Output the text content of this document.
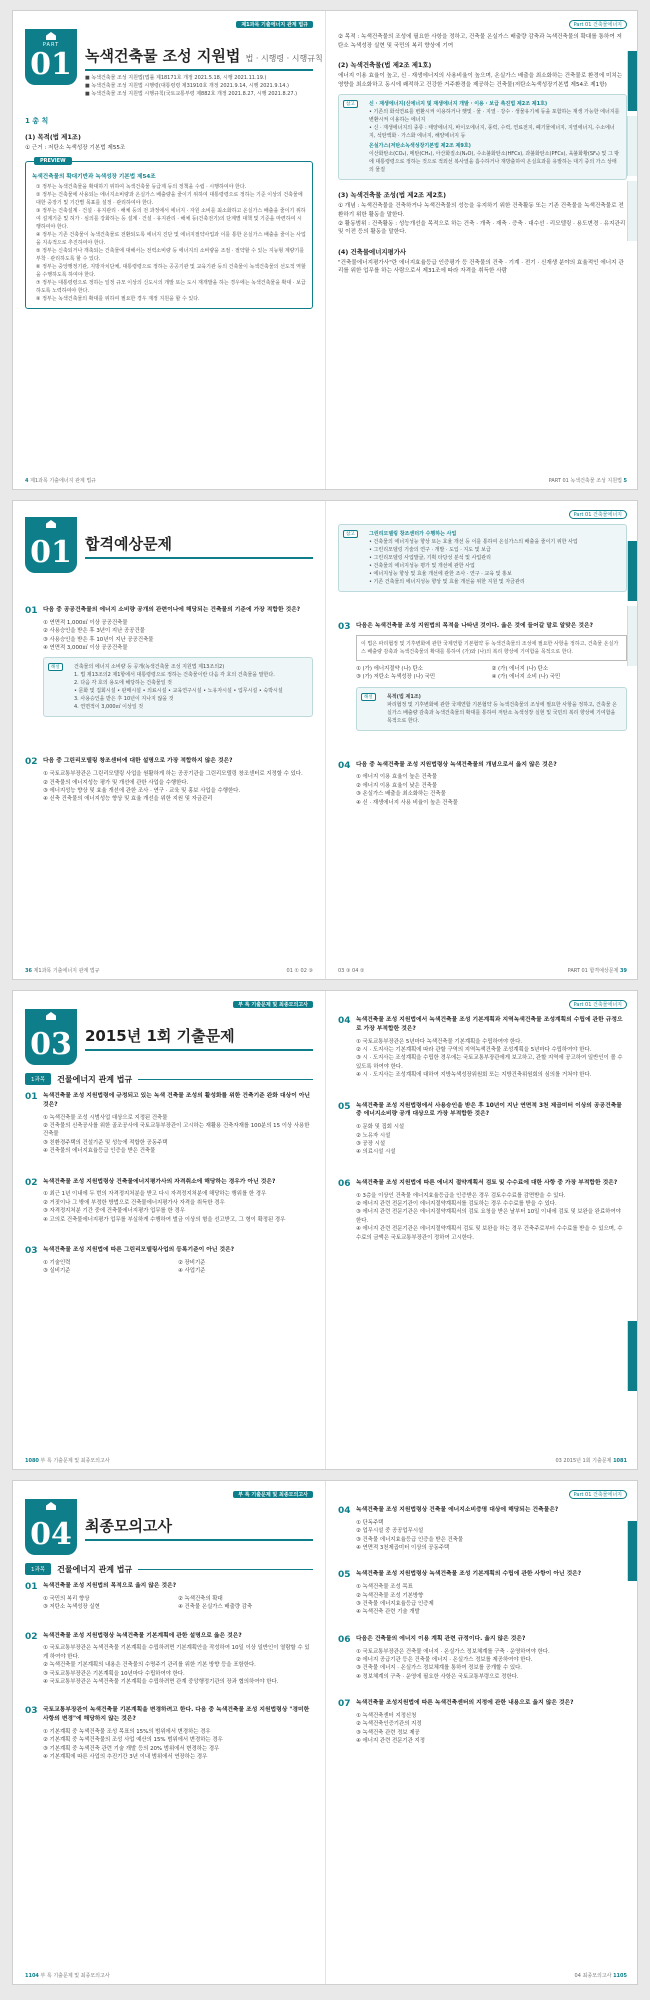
제1과목 기출에너지 관계 법규
PART
01 녹색건축물 조성 지원법 법 · 시행령 · 시행규칙
■ 녹색건축물 조성 지원법(법률 제18171호 개정 2021.5.18, 시행 2021.11.19.)
■ 녹색건축물 조성 지원법 시행령(대통령령 제31910호 개정 2021.9.14, 시행 2021.9.14.)
■ 녹색건축물 조성 지원법 시행규칙(국토교통부령 제882호 개정 2021.8.27, 시행 2021.8.27.)
1 총 칙
(1) 목적(법 제1조)
① 근거 : 저탄소 녹색성장 기본법 제55조
PREVIEW
녹색건축물의 확대기반과 녹색성장 기본법 제54조
① 정부는 녹색건축물을 확대하기 위하여 녹색건축물 등급제 등의 정책을 수립 · 시행하여야 한다.
② 정부는 건축물에 사용되는 에너지소비량과 온실가스 배출량을 줄이기 위하여 대통령령으로 정하는 기준 이상의 건축물에 대한 중장기 및 기간별 목표를 설정 · 관리하여야 한다.
③ 정부는 건축설계 · 건설 · 유지관리 · 해체 등의 전 과정에서 에너지 · 자원 소비를 최소화하고 온실가스 배출을 줄이기 위하여 설계기준 및 허가 · 심의를 강화하는 등 설계 · 건설 · 유지관리 · 해체 등(건축전기)의 단계별 대책 및 기준을 마련하여 시행하여야 한다.
④ 정부는 기존 건축물이 녹색건축물로 전환되도록 에너지 진단 및 에너지절약사업과 이를 통한 온실가스 배출을 줄이는 사업을 지속적으로 추진하여야 한다.
⑤ 정부는 신축되거나 개축되는 건축물에 대해서는 전력소비량 등 에너지의 소비량을 조절 · 절약할 수 있는 지능형 계량기를 부착 · 관리하도록 할 수 있다.
⑥ 정부는 중앙행정기관, 지방자치단체, 대통령령으로 정하는 공공기관 및 교육기관 등의 건축물이 녹색건축물의 선도적 역할을 수행하도록 하여야 한다.
⑦ 정부는 대통령령으로 정하는 일정 규모 이상의 신도시의 개발 또는 도시 재개발을 하는 경우에는 녹색건축물을 확대 · 보급하도록 노력하여야 한다.
⑧ 정부는 녹색건축물의 확대를 위하여 필요한 경우 재정 지원을 할 수 있다.
4 제1과목 기출에너지 관계 법규
Part 01 건축물에너지
② 목적 : 녹색건축물의 조성에 필요한 사항을 정하고, 건축물 온실가스 배출량 감축과 녹색건축물의 확대를 통하여 저탄소 녹색성장 실현 및 국민의 복리 향상에 기여
(2) 녹색건축물(법 제2조 제1호)
에너지 이용 효율이 높고, 신 · 재생에너지의 사용비율이 높으며, 온실가스 배출을 최소화하는 건축물로 환경에 미치는 영향을 최소화하고 동시에 쾌적하고 건강한 거주환경을 제공하는 건축물(저탄소녹색성장기본법 제54조 제1항)
참고	신 · 재생에너지(신에너지 및 재생에너지 개발 · 이용 · 보급 촉진법 제2조 제1호)
• 기존의 화석연료를 변환시켜 이용하거나 햇빛 · 물 · 지열 · 강수 · 생물유기체 등을 포함하는 재생 가능한 에너지를 변환시켜 이용하는 에너지
• 신 · 재생에너지의 종류 : 태양에너지, 바이오에너지, 풍력, 수력, 연료전지, 폐기물에너지, 지열에너지, 수소에너지, 석탄액화 · 가스화 에너지, 해양에너지 등
온실가스(저탄소녹색성장기본법 제2조 제9호)
이산화탄소(CO₂), 메탄(CH₄), 아산화질소(N₂O), 수소불화탄소(HFCs), 과불화탄소(PFCs), 육불화황(SF₆) 및 그 밖에 대통령령으로 정하는 것으로 적외선 복사열을 흡수하거나 재방출하여 온실효과를 유발하는 대기 중의 가스 상태의 물질
(3) 녹색건축물 조성(법 제2조 제2호)
① 개념 : 녹색건축물을 건축하거나 녹색건축물의 성능을 유지하기 위한 건축활동 또는 기존 건축물을 녹색건축물로 전환하기 위한 활동을 말한다.
② 활동범위 : 건축활동 : 성능개선을 목적으로 하는 건축 · 개축 · 재축 · 증축 · 대수선 · 리모델링 · 용도변경 · 유지관리 및 이전 등의 활동을 말한다.
(4) 건축물에너지평가사
"건축물에너지평가사"란 에너지효율등급 인증평가 등 건축물의 건축 · 기계 · 전기 · 신재생 분야의 효율적인 에너지 관리를 위한 업무를 하는 사람으로서 제31조에 따라 자격을 취득한 사람
PART 01 녹색건축물 조성 지원법 5
01 합격예상문제
01 다음 중 공공건축물의 에너지 소비량 공개의 관련이나에 해당되는 건축물의 기준에 가장 적합한 것은?
① 연면적 1,000㎡ 이상 공공건축물
② 사용승인을 받은 후 3년이 지난 공공건물
③ 사용승인을 받은 후 10년이 지난 공공건축물
④ 연면적 3,000㎡ 이상 공공건축물
해설	건축물의 에너지 소비량 등 공개(녹색건축물 조성 지원법 제13조의2)
1. 법 제13조의2 제1항에서 대통령령으로 정하는 건축물이란 다음 각 호의 건축물을 말한다.
2. 다음 각 호의 용도에 해당하는 건축물일 것
• 문화 및 집회시설 • 판매시설 • 의료시설 • 교육연구시설 • 노유자시설 • 업무시설 • 숙박시설
3. 사용승인을 받은 후 10년이 지나지 않을 것
4. 연면적이 3,000㎡ 이상일 것
02 다음 중 그린리모델링 창조센터에 대한 설명으로 가장 적합하지 않은 것은?
① 국토교통부장관은 그린리모델링 사업을 원활하게 하는 공공기관을 그린리모델링 창조센터로 지정할 수 있다.
② 건축물의 에너지성능 평가 및 개선에 관한 사업을 수행한다.
③ 에너지성능 향상 및 효율 개선에 관한 조사 · 연구 · 교육 및 홍보 사업을 수행한다.
④ 신축 건축물의 에너지성능 향상 및 효율 개선을 위한 지원 및 자금관리
36 제1과목 기출에너지 관계 법규	01 ① 02 ③
Part 01 건축물에너지
참고	그린리모델링 창조센터가 수행하는 사업
• 건축물의 에너지성능 향상 또는 효율 개선 등 이를 통하여 온실가스의 배출을 줄이기 위한 사업
• 그린리모델링 기술의 연구 · 개발 · 도입 · 지도 및 보급
• 그린리모델링 사업발굴, 기획 타당성 분석 및 사업관리
• 건축물의 에너지성능 평가 및 개선에 관한 사업
• 에너지성능 향상 및 효율 개선에 관한 조사 · 연구 · 교육 및 홍보
• 기존 건축물의 에너지성능 향상 및 효율 개선을 위한 지원 및 자금관리
03 다음은 녹색건축물 조성 지원법의 목적을 나타낸 것이다. 옳은 것에 들어갈 말로 알맞은 것은?
이 법은 파리협정 및 기후변화에 관한 국제연합 기본협약 등 녹색건축물의 조성에 필요한 사항을 정하고, 건축물 온실가스 배출량 감축과 녹색건축물의 확대를 통하여 (가)와 (나)의 복리 향상에 기여함을 목적으로 한다.
① (가) 에너지절약 (나) 탄소	② (가) 에너지 (나) 탄소
③ (가) 저탄소 녹색성장 (나) 국민	④ (가) 에너지 소비 (나) 국민
해설	목적(법 제1조)
파리협정 및 기후변화에 관한 국제연합 기본협약 등 녹색건축물의 조성에 필요한 사항을 정하고, 건축물 온실가스 배출량 감축과 녹색건축물의 확대를 통하여 저탄소 녹색성장 실현 및 국민의 복리 향상에 기여함을 목적으로 한다.
04 다음 중 녹색건축물 조성 지원법령상 녹색건축물의 개념으로서 옳지 않은 것은?
① 에너지 이용 효율이 높은 건축물
② 에너지 이용 효율이 낮은 건축물
③ 온실가스 배출을 최소화하는 건축물
④ 신 · 재생에너지 사용 비율이 높은 건축물
03 ③ 04 ②	PART 01 합격예상문제 39
부 록 기출문제 및 최종모의고사
03 2015년 1회 기출문제
1과목	건물에너지 관계 법규
01 녹색건축물 조성 지원법령에 규정되고 있는 녹색 건축물 조성의 활성화를 위한 건축기준 완화 대상이 아닌 것은?
① 녹색건축물 조성 시범사업 대상으로 지정된 건축물
② 건축물의 신축공사를 위한 골조공사에 국토교통부장관이 고시하는 재활용 건축자재를 100분의 15 이상 사용한 건축물
③ 친환경주택의 건설기준 및 성능에 적합한 공동주택
④ 건축물의 에너지효율등급 인증을 받은 건축물
02 녹색건축물 조성 지원법령상 건축물에너지평가사의 자격취소에 해당하는 경우가 아닌 것은?
① 최근 1년 이내에 두 번의 자격정지처분을 받고 다시 자격정지처분에 해당하는 행위를 한 경우
② 거짓이나 그 밖에 부정한 방법으로 건축물에너지평가사 자격을 취득한 경우
③ 자격정지처분 기간 중에 건축물에너지평가 업무를 한 경우
④ 고의로 건축물에너지평가 업무를 부실하게 수행하여 벌금 이상의 형을 선고받고, 그 형이 확정된 경우
03 녹색건축물 조성 지원법에 따른 그린리모델링사업의 등록기준이 아닌 것은?
① 기술인력	② 장비기준
③ 실비기준	④ 사업기준
1080 부 록 기출문제 및 최종모의고사
Part 01 건축물에너지
04 녹색건축물 조성 지원법에서 녹색건축물 조성 기본계획과 지역녹색건축물 조성계획의 수립에 관한 규정으로 가장 부적합한 것은?
① 국토교통부장관은 5년마다 녹색건축물 기본계획을 수립하여야 한다.
② 시 · 도지사는 기본계획에 따라 관할 구역의 지역녹색건축물 조성계획을 5년마다 수립하여야 한다.
③ 시 · 도지사는 조성계획을 수립한 경우에는 국토교통부장관에게 보고하고, 관할 지역에 공고하여 일반인이 볼 수 있도록 하여야 한다.
④ 시 · 도지사는 조성계획에 대하여 지방녹색성장위원회 또는 지방건축위원회의 심의를 거쳐야 한다.
05 녹색건축물 조성 지원법령에서 사용승인을 받은 후 10년이 지난 연면적 3천 제곱미터 이상의 공공건축물 중 에너지소비량 공개 대상으로 가장 부적합한 것은?
① 문화 및 집회 시설
② 노유자 시설
③ 공장 시설
④ 의료시설 시설
06 녹색건축물 조성 지원법에 따른 에너지 절약계획서 검토 및 수수료에 대한 사항 중 가장 부적합한 것은?
① 3층을 이상인 건축물 에너지효율등급을 인증받은 경우 검토수수료를 감면받을 수 있다.
② 에너지 관련 전문기관이 에너지절약계획서를 검토하는 경우 수수료를 받을 수 있다.
③ 에너지 관련 전문기관은 에너지절약계획서의 검토 요청을 받은 날부터 10일 이내에 검토 및 보완을 완료하여야 한다.
④ 에너지 관련 전문기관은 에너지절약계획서 검토 및 보완을 하는 경우 건축주로부터 수수료를 받을 수 있으며, 수수료의 금액은 국토교통부장관이 정하여 고시한다.
03 2015년 1회 기출문제 1081
부 록 기출문제 및 최종모의고사
04 최종모의고사
1과목	건물에너지 관계 법규
01 녹색건축물 조성 지원법의 목적으로 옳지 않은 것은?
① 국민의 복리 향상	② 녹색건축의 확대
③ 저탄소 녹색성장 실현	④ 건축물 온실가스 배출량 감축
02 녹색건축물 조성 지원법령상 녹색건축물 기본계획에 관한 설명으로 옳은 것은?
① 국토교통부장관은 녹색건축물 기본계획을 수립하려면 기본계획안을 작성하여 10일 이상 일반인이 열람할 수 있게 하여야 한다.
② 녹색건축물 기본계획의 내용은 건축물의 수명주기 관리를 위한 기본 방향 등을 포함한다.
③ 국토교통부장관은 기본계획을 10년마다 수립하여야 한다.
④ 국토교통부장관은 녹색건축물 기본계획을 수립하려면 관계 중앙행정기관의 장과 협의하여야 한다.
03 국토교통부장관이 녹색건축물 기본계획을 변경하려고 한다. 다음 중 녹색건축물 조성 지원법령상 "경미한 사항의 변경"에 해당하지 않는 것은?
① 기본계획 중 녹색건축물 조성 목표의 15%의 범위에서 변경하는 경우
② 기본계획 중 녹색건축물의 조성 사업 예산의 15% 범위에서 변경하는 경우
③ 기본계획 중 녹색건축 관련 기술 개발 등의 20% 범위에서 변경하는 경우
④ 기본계획에 따른 사업의 추진기간 3년 이내 범위에서 연장하는 경우
1104 부 록 기출문제 및 최종모의고사
Part 01 건축물에너지
04 녹색건축물 조성 지원법령상 건축물 에너지소비증명 대상에 해당되는 건축물은?
① 단독주택
② 업무시설 중 공공업무시설
③ 건축물 에너지효율등급 인증을 받은 건축물
④ 연면적 3천제곱미터 이상의 공동주택
05 녹색건축물 조성 지원법령상 녹색건축물 조성 기본계획의 수립에 관한 사항이 아닌 것은?
① 녹색건축물 조성 목표
② 녹색건축물 조성 기본방향
③ 건축물 에너지효율등급 인증제
④ 녹색건축 관련 기술 개발
06 다음은 건축물의 에너지 이용 계획 관련 규정이다. 옳지 않은 것은?
① 국토교통부장관은 건축물 에너지 · 온실가스 정보체계를 구축 · 운영하여야 한다.
② 에너지 공급기관 등은 건축물 에너지 · 온실가스 정보를 제공하여야 한다.
③ 건축물 에너지 · 온실가스 정보체계를 통하여 정보를 공개할 수 있다.
④ 정보체계의 구축 · 운영에 필요한 사항은 국토교통부령으로 정한다.
07 녹색건축물 조성지원법에 따른 녹색건축센터의 지정에 관한 내용으로 옳지 않은 것은?
① 녹색건축센터 지정신청
② 녹색건축인증기관의 지정
③ 녹색건축 관련 정보 제공
④ 에너지 관련 전문기관 지정
04 최종모의고사 1105
